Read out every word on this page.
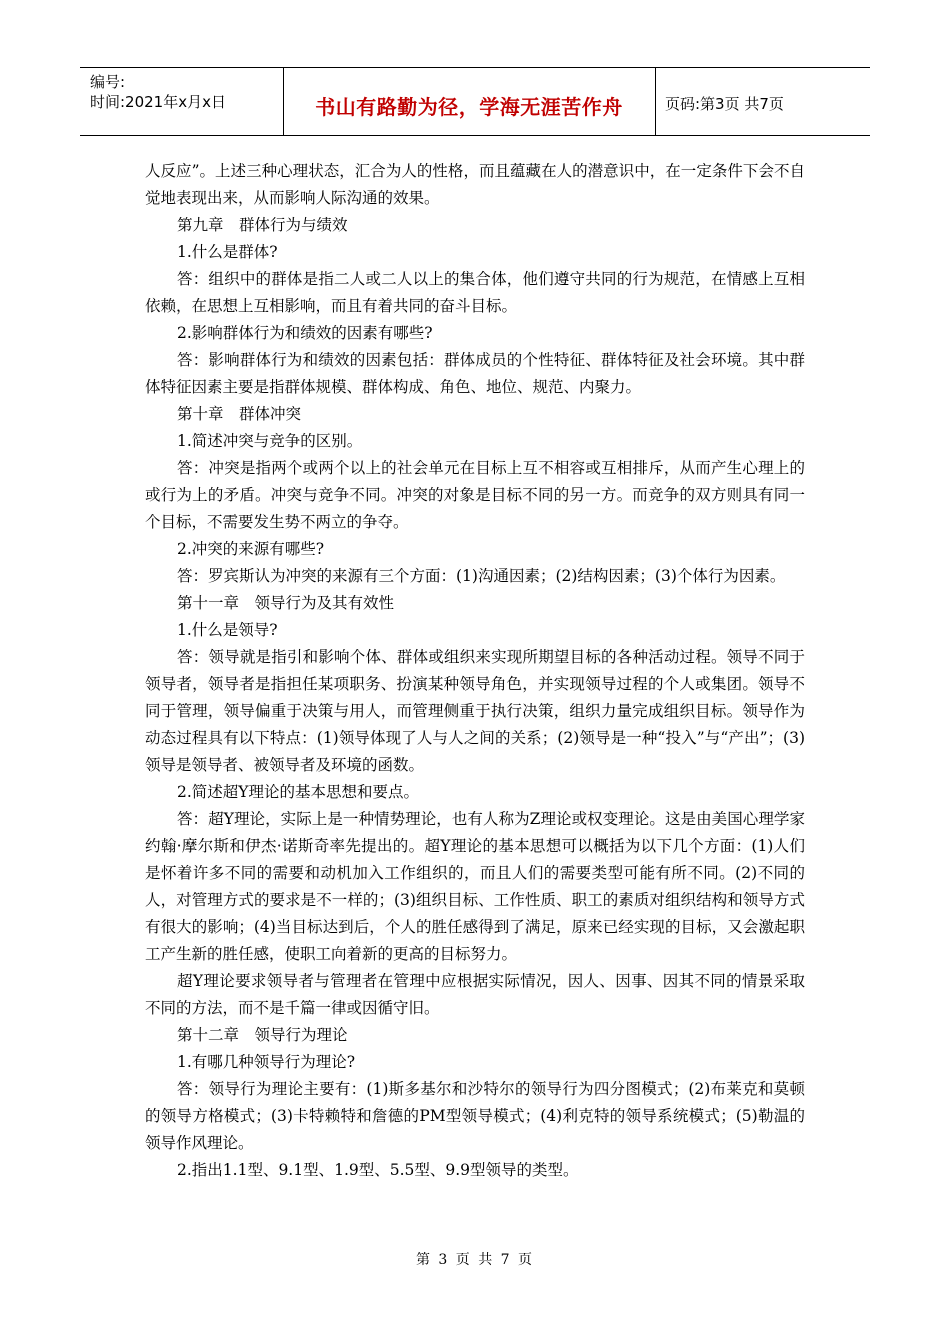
编号:
时间:2021年x月x日	书山有路勤为径，学海无涯苦作舟	页码:第3页 共7页

人反应”。上述三种心理状态，汇合为人的性格，而且蕴藏在人的潜意识中，在一定条件下会不自觉地表现出来，从而影响人际沟通的效果。

第九章　群体行为与绩效

1.什么是群体?

答：组织中的群体是指二人或二人以上的集合体，他们遵守共同的行为规范，在情感上互相依赖，在思想上互相影响，而且有着共同的奋斗目标。

2.影响群体行为和绩效的因素有哪些?

答：影响群体行为和绩效的因素包括：群体成员的个性特征、群体特征及社会环境。其中群体特征因素主要是指群体规模、群体构成、角色、地位、规范、内聚力。

第十章　群体冲突

1.简述冲突与竞争的区别。

答：冲突是指两个或两个以上的社会单元在目标上互不相容或互相排斥，从而产生心理上的或行为上的矛盾。冲突与竞争不同。冲突的对象是目标不同的另一方。而竞争的双方则具有同一个目标，不需要发生势不两立的争夺。

2.冲突的来源有哪些?

答：罗宾斯认为冲突的来源有三个方面：(1)沟通因素；(2)结构因素；(3)个体行为因素。

第十一章　领导行为及其有效性

1.什么是领导?

答：领导就是指引和影响个体、群体或组织来实现所期望目标的各种活动过程。领导不同于领导者，领导者是指担任某项职务、扮演某种领导角色，并实现领导过程的个人或集团。领导不同于管理，领导偏重于决策与用人，而管理侧重于执行决策，组织力量完成组织目标。领导作为动态过程具有以下特点：(1)领导体现了人与人之间的关系；(2)领导是一种“投入”与“产出”；(3)领导是领导者、被领导者及环境的函数。

2.简述超Y理论的基本思想和要点。

答：超Y理论，实际上是一种情势理论，也有人称为Z理论或权变理论。这是由美国心理学家约翰·摩尔斯和伊杰·诺斯奇率先提出的。超Y理论的基本思想可以概括为以下几个方面：(1)人们是怀着许多不同的需要和动机加入工作组织的，而且人们的需要类型可能有所不同。(2)不同的人，对管理方式的要求是不一样的；(3)组织目标、工作性质、职工的素质对组织结构和领导方式有很大的影响；(4)当目标达到后，个人的胜任感得到了满足，原来已经实现的目标，又会激起职工产生新的胜任感，使职工向着新的更高的目标努力。

超Y理论要求领导者与管理者在管理中应根据实际情况，因人、因事、因其不同的情景采取不同的方法，而不是千篇一律或因循守旧。

第十二章　领导行为理论

1.有哪几种领导行为理论?

答：领导行为理论主要有：(1)斯多基尔和沙特尔的领导行为四分图模式；(2)布莱克和莫顿的领导方格模式；(3)卡特赖特和詹德的PM型领导模式；(4)利克特的领导系统模式；(5)勒温的领导作风理论。

2.指出1.1型、9.1型、1.9型、5.5型、9.9型领导的类型。

第 3 页 共 7 页
